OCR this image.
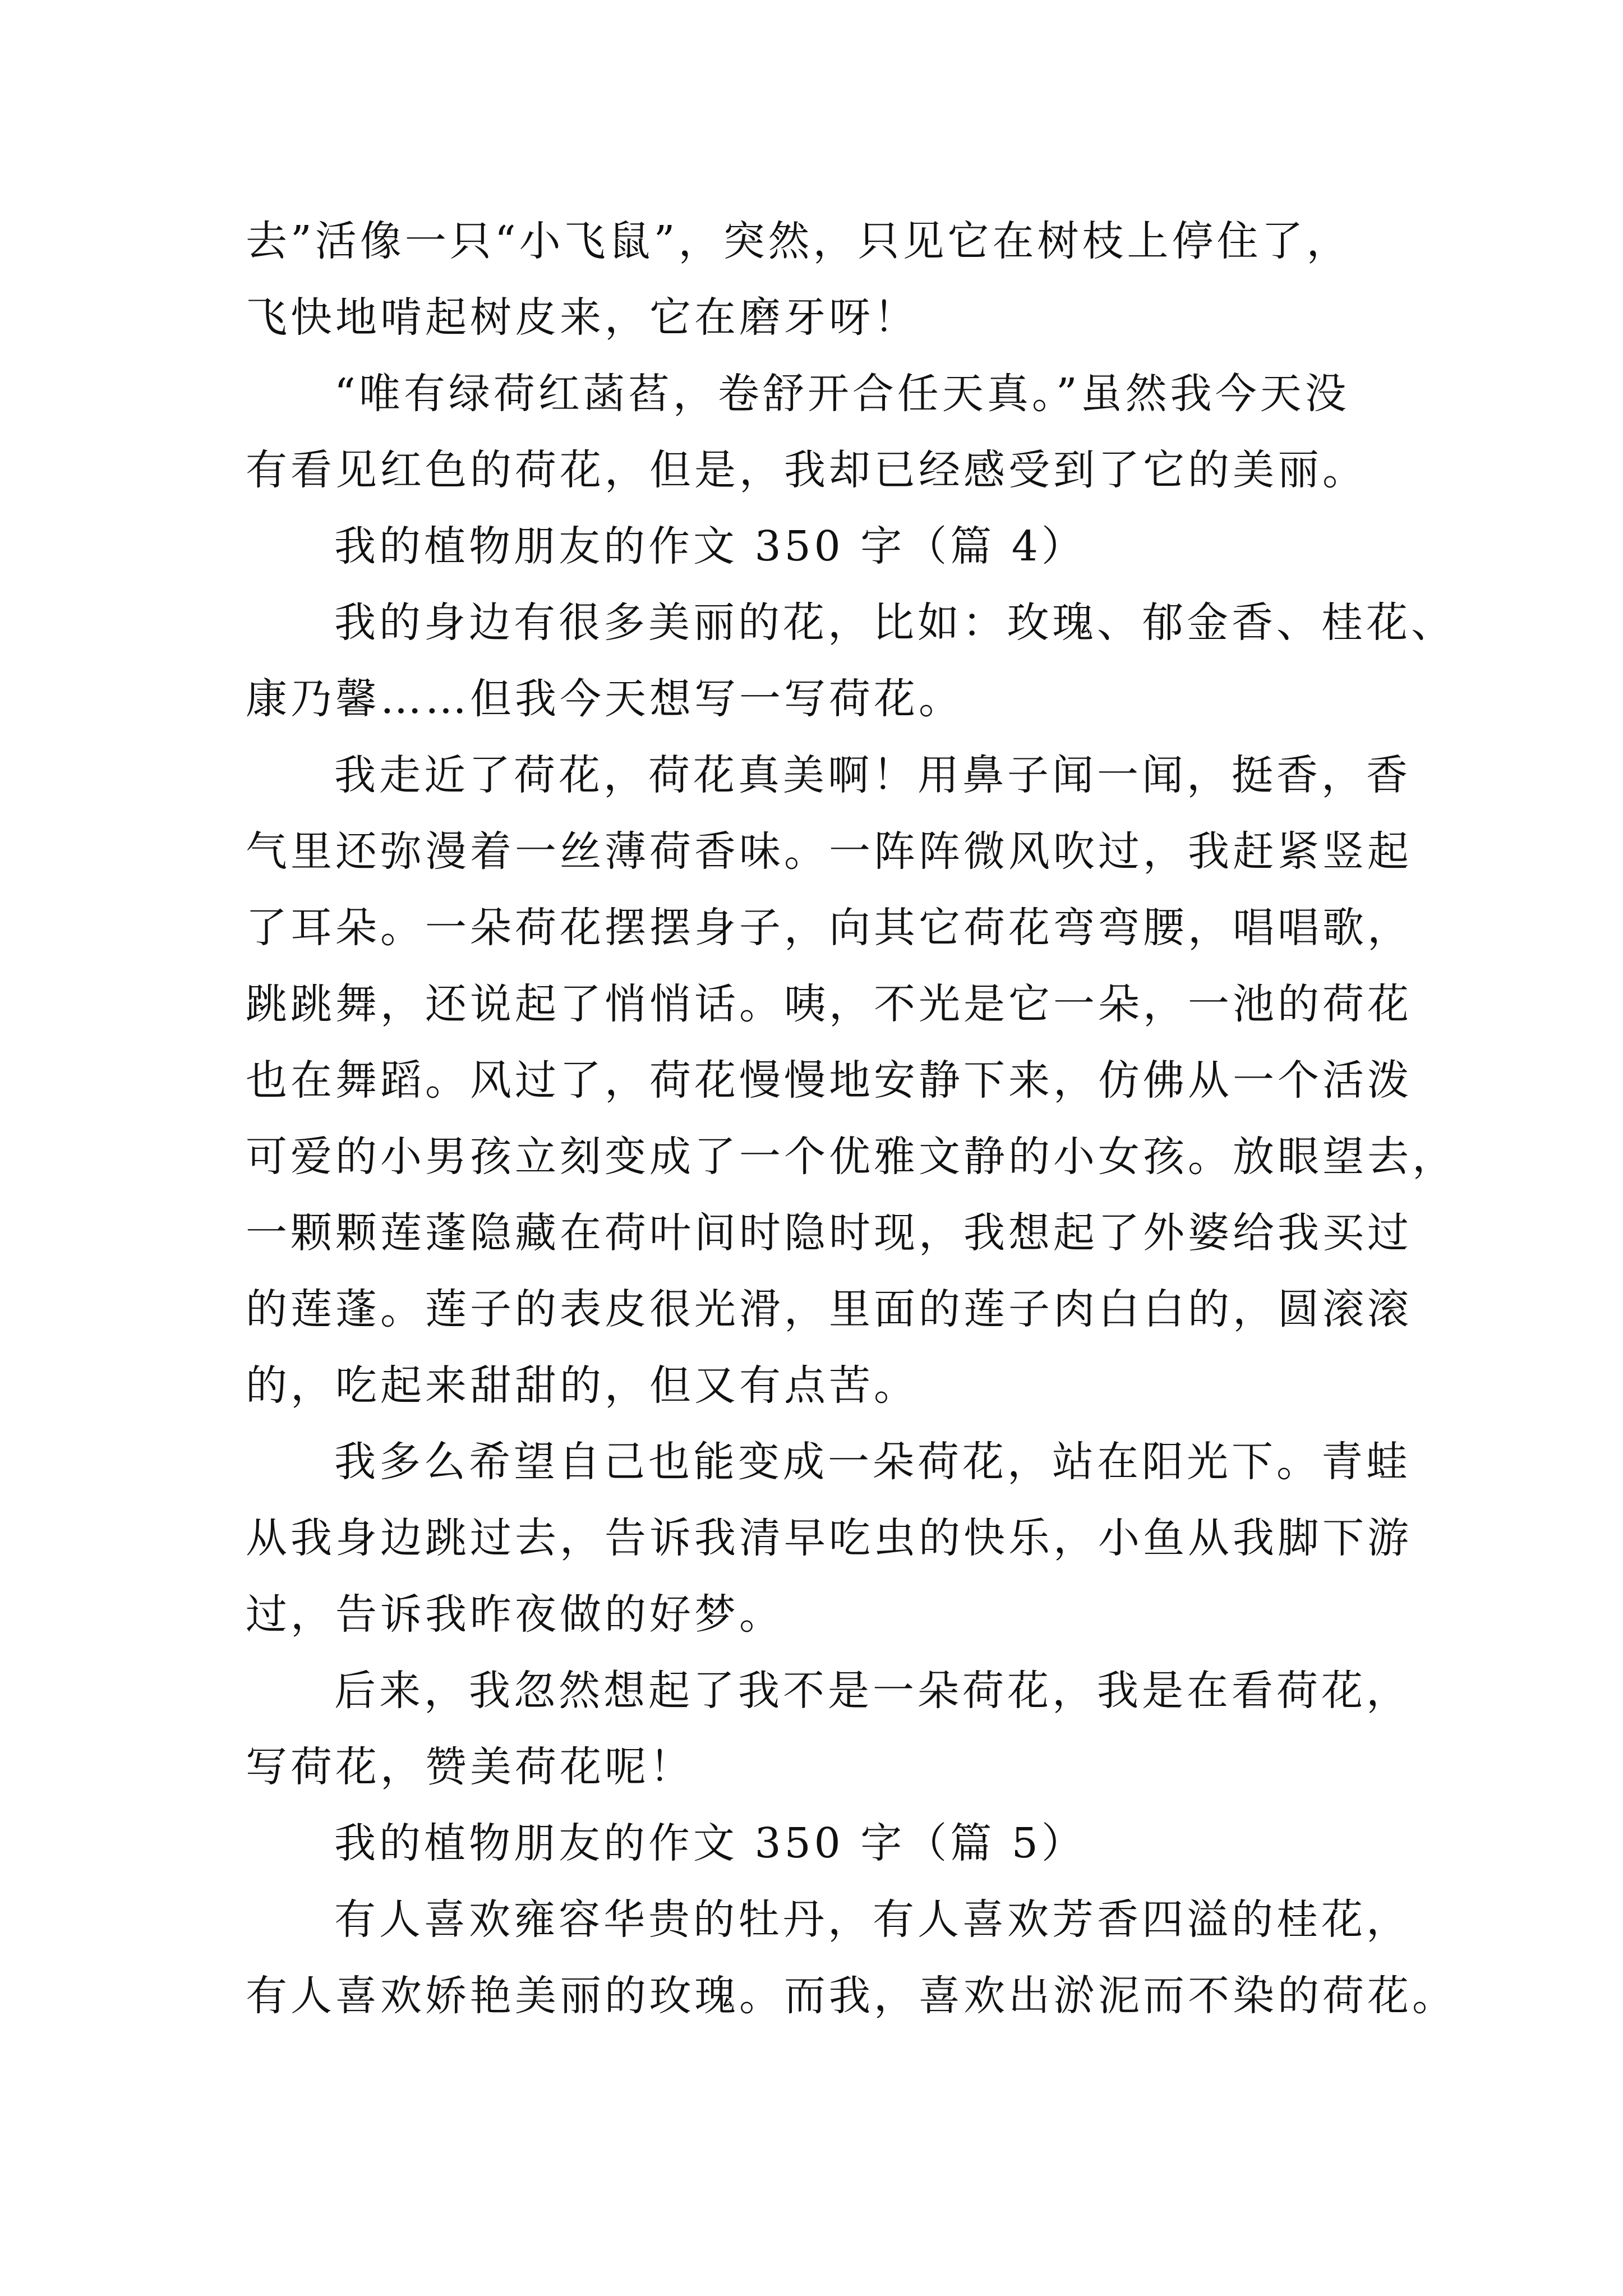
去”活像一只“小飞鼠”，突然，只见它在树枝上停住了，
飞快地啃起树皮来，它在磨牙呀！
“唯有绿荷红菡萏，卷舒开合任天真。”虽然我今天没
有看见红色的荷花，但是，我却已经感受到了它的美丽。
我的植物朋友的作文 350 字（篇 4）
我的身边有很多美丽的花，比如：玫瑰、郁金香、桂花、
康乃馨……但我今天想写一写荷花。
我走近了荷花，荷花真美啊！用鼻子闻一闻，挺香，香
气里还弥漫着一丝薄荷香味。一阵阵微风吹过，我赶紧竖起
了耳朵。一朵荷花摆摆身子，向其它荷花弯弯腰，唱唱歌，
跳跳舞，还说起了悄悄话。咦，不光是它一朵，一池的荷花
也在舞蹈。风过了，荷花慢慢地安静下来，仿佛从一个活泼
可爱的小男孩立刻变成了一个优雅文静的小女孩。放眼望去，
一颗颗莲蓬隐藏在荷叶间时隐时现，我想起了外婆给我买过
的莲蓬。莲子的表皮很光滑，里面的莲子肉白白的，圆滚滚
的，吃起来甜甜的，但又有点苦。
我多么希望自己也能变成一朵荷花，站在阳光下。青蛙
从我身边跳过去，告诉我清早吃虫的快乐，小鱼从我脚下游
过，告诉我昨夜做的好梦。
后来，我忽然想起了我不是一朵荷花，我是在看荷花，
写荷花，赞美荷花呢！
我的植物朋友的作文 350 字（篇 5）
有人喜欢雍容华贵的牡丹，有人喜欢芳香四溢的桂花，
有人喜欢娇艳美丽的玫瑰。而我，喜欢出淤泥而不染的荷花。
